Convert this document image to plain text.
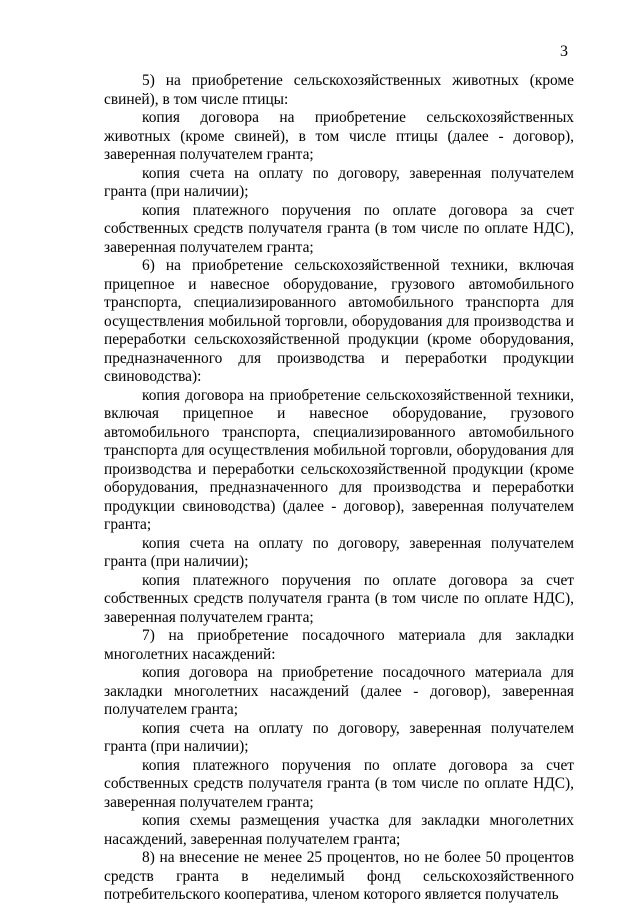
3

5) на приобретение сельскохозяйственных животных (кроме свиней), в том числе птицы:

копия договора на приобретение сельскохозяйственных животных (кроме свиней), в том числе птицы (далее - договор), заверенная получателем гранта;

копия счета на оплату по договору, заверенная получателем гранта (при наличии);

копия платежного поручения по оплате договора за счет собственных средств получателя гранта (в том числе по оплате НДС), заверенная получателем гранта;

6) на приобретение сельскохозяйственной техники, включая прицепное и навесное оборудование, грузового автомобильного транспорта, специализированного автомобильного транспорта для осуществления мобильной торговли, оборудования для производства и переработки сельскохозяйственной продукции (кроме оборудования, предназначенного для производства и переработки продукции свиноводства):

копия договора на приобретение сельскохозяйственной техники, включая прицепное и навесное оборудование, грузового автомобильного транспорта, специализированного автомобильного транспорта для осуществления мобильной торговли, оборудования для производства и переработки сельскохозяйственной продукции (кроме оборудования, предназначенного для производства и переработки продукции свиноводства) (далее - договор), заверенная получателем гранта;

копия счета на оплату по договору, заверенная получателем гранта (при наличии);

копия платежного поручения по оплате договора за счет собственных средств получателя гранта (в том числе по оплате НДС), заверенная получателем гранта;

7) на приобретение посадочного материала для закладки многолетних насаждений:

копия договора на приобретение посадочного материала для закладки многолетних насаждений (далее - договор), заверенная получателем гранта;

копия счета на оплату по договору, заверенная получателем гранта (при наличии);

копия платежного поручения по оплате договора за счет собственных средств получателя гранта (в том числе по оплате НДС), заверенная получателем гранта;

копия схемы размещения участка для закладки многолетних насаждений, заверенная получателем гранта;

8) на внесение не менее 25 процентов, но не более 50 процентов средств гранта в неделимый фонд сельскохозяйственного потребительского кооператива, членом которого является получатель
